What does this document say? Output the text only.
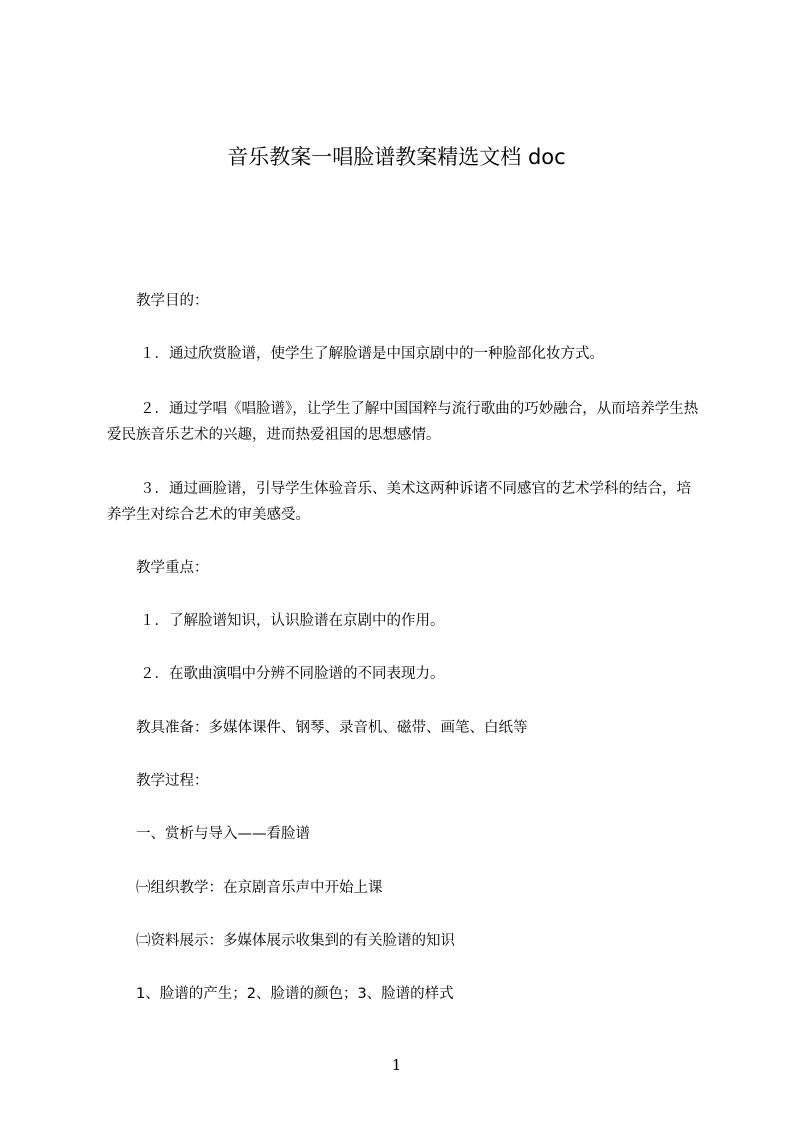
音乐教案一唱脸谱教案精选文档 doc

教学目的：

１．通过欣赏脸谱，使学生了解脸谱是中国京剧中的一种脸部化妆方式。

２．通过学唱《唱脸谱》，让学生了解中国国粹与流行歌曲的巧妙融合，从而培养学生热爱民族音乐艺术的兴趣，进而热爱祖国的思想感情。

３．通过画脸谱，引导学生体验音乐、美术这两种诉诸不同感官的艺术学科的结合，培养学生对综合艺术的审美感受。

教学重点：

１．了解脸谱知识，认识脸谱在京剧中的作用。

２．在歌曲演唱中分辨不同脸谱的不同表现力。

教具准备：多媒体课件、钢琴、录音机、磁带、画笔、白纸等

教学过程：

一、赏析与导入——看脸谱

㈠组织教学：在京剧音乐声中开始上课

㈡资料展示：多媒体展示收集到的有关脸谱的知识

1、脸谱的产生；2、脸谱的颜色；3、脸谱的样式

1
